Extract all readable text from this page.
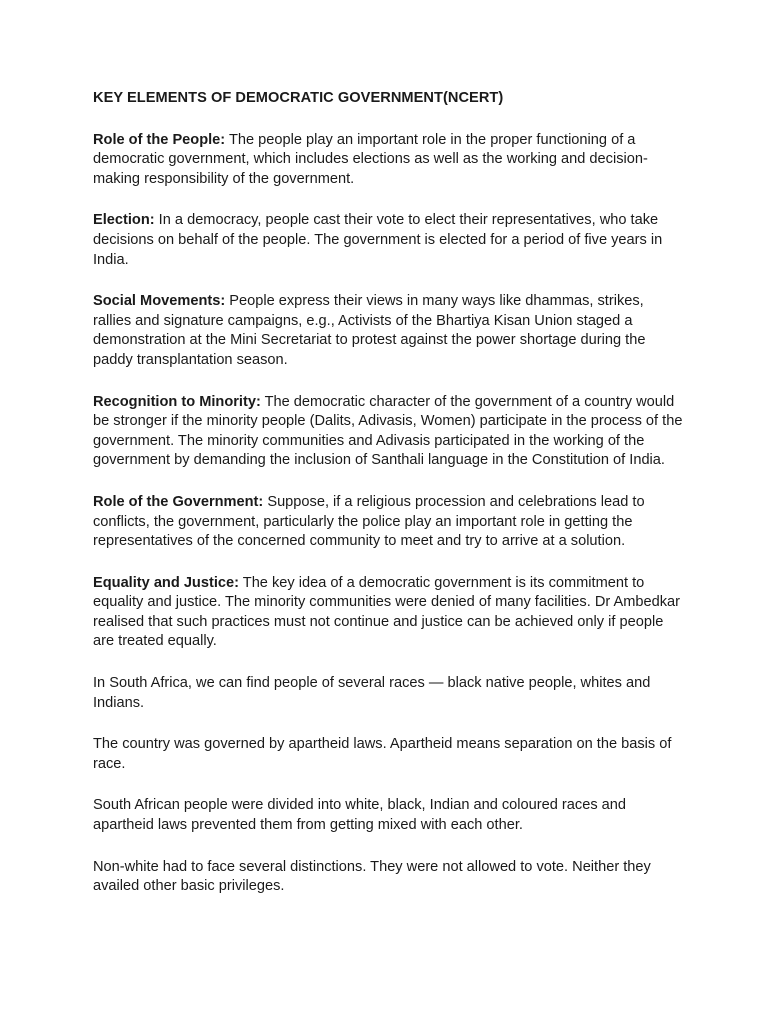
KEY ELEMENTS OF DEMOCRATIC GOVERNMENT(NCERT)

Role of the People: The people play an important role in the proper functioning of a democratic government, which includes elections as well as the working and decision-making responsibility of the government.

Election: In a democracy, people cast their vote to elect their representatives, who take decisions on behalf of the people. The government is elected for a period of five years in India.

Social Movements: People express their views in many ways like dhammas, strikes, rallies and signature campaigns, e.g., Activists of the Bhartiya Kisan Union staged a demonstration at the Mini Secretariat to protest against the power shortage during the paddy transplantation season.

Recognition to Minority: The democratic character of the government of a country would be stronger if the minority people (Dalits, Adivasis, Women) participate in the process of the government. The minority communities and Adivasis participated in the working of the government by demanding the inclusion of Santhali language in the Constitution of India.

Role of the Government: Suppose, if a religious procession and celebrations lead to conflicts, the government, particularly the police play an important role in getting the representatives of the concerned community to meet and try to arrive at a solution.

Equality and Justice: The key idea of a democratic government is its commitment to equality and justice. The minority communities were denied of many facilities. Dr Ambedkar realised that such practices must not continue and justice can be achieved only if people are treated equally.

In South Africa, we can find people of several races — black native people, whites and Indians.

The country was governed by apartheid laws. Apartheid means separation on the basis of race.

South African people were divided into white, black, Indian and coloured races and apartheid laws prevented them from getting mixed with each other.

Non-white had to face several distinctions. They were not allowed to vote. Neither they availed other basic privileges.
